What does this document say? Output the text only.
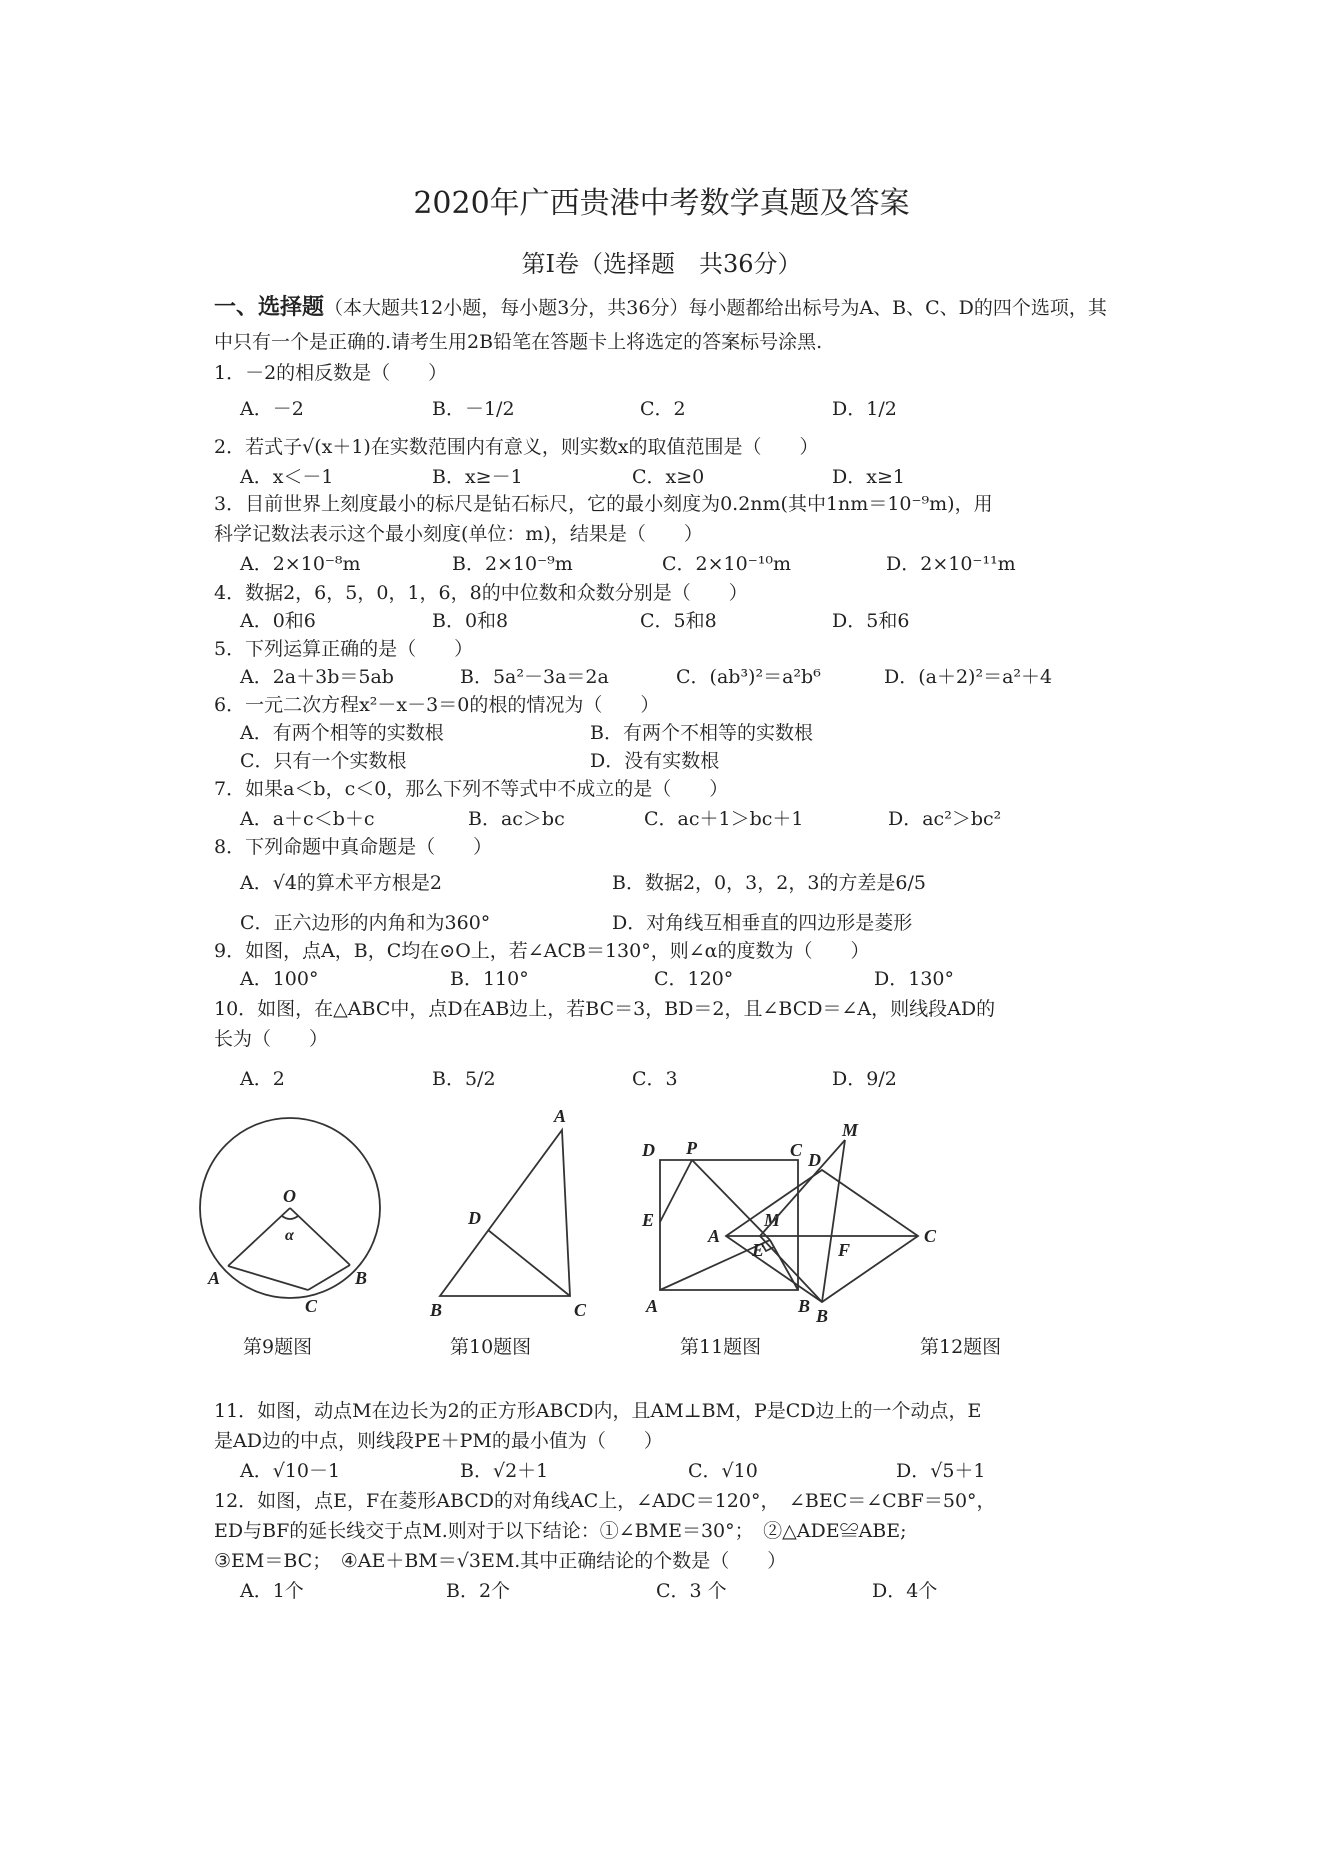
2020年广西贵港中考数学真题及答案
第Ⅰ卷（选择题　共36分）
一、选择题（本大题共12小题，每小题3分，共36分）每小题都给出标号为A、B、C、D的四个选项，其中只有一个是正确的.请考生用2B铅笔在答题卡上将选定的答案标号涂黑.
1．－2的相反数是（　　）
A．－2	B．－1/2	C．2	D．1/2
2．若式子√(x＋1)在实数范围内有意义，则实数x的取值范围是（　　）
A．x＜－1	B．x≥－1	C．x≥0	D．x≥1
3．目前世界上刻度最小的标尺是钻石标尺，它的最小刻度为0.2nm(其中1nm＝10⁻⁹m)，用
科学记数法表示这个最小刻度(单位：m)，结果是（　　）
A．2×10⁻⁸m	B．2×10⁻⁹m	C．2×10⁻¹⁰m	D．2×10⁻¹¹m
4．数据2，6，5，0，1，6，8的中位数和众数分别是（　　）
A．0和6	B．0和8	C．5和8	D．5和6
5．下列运算正确的是（　　）
A．2a＋3b＝5ab	B．5a²－3a＝2a	C．(ab³)²＝a²b⁶	D．(a＋2)²＝a²＋4
6．一元二次方程x²－x－3＝0的根的情况为（　　）
A．有两个相等的实数根	B．有两个不相等的实数根
C．只有一个实数根	D．没有实数根
7．如果a＜b，c＜0，那么下列不等式中不成立的是（　　）
A．a＋c＜b＋c	B．ac＞bc	C．ac＋1＞bc＋1	D．ac²＞bc²
8．下列命题中真命题是（　　）
A．√4的算术平方根是2	B．数据2，0，3，2，3的方差是6/5
C．正六边形的内角和为360°	D．对角线互相垂直的四边形是菱形
9．如图，点A，B，C均在⊙O上，若∠ACB＝130°，则∠α的度数为（　　）
A．100°	B．110°	C．120°	D．130°
10．如图，在△ABC中，点D在AB边上，若BC＝3，BD＝2，且∠BCD＝∠A，则线段AD的
长为（　　）
A．2	B．5/2	C．3	D．9/2
O
α
A	B
C
A
D
B	C
D P	C
E	M
A	B
M
D
A	C
E	F
B
第9题图	第10题图	第11题图	第12题图
11．如图，动点M在边长为2的正方形ABCD内，且AM⊥BM，P是CD边上的一个动点，E
是AD边的中点，则线段PE＋PM的最小值为（　　）
A．√10－1	B．√2＋1	C．√10	D．√5＋1
12．如图，点E，F在菱形ABCD的对角线AC上，∠ADC＝120°，　∠BEC＝∠CBF＝50°，
ED与BF的延长线交于点M.则对于以下结论：①∠BME＝30°；　②△ADE≌ABE;
③EM＝BC；　④AE＋BM＝√3EM.其中正确结论的个数是（　　）
A．1个	B．2个	C．3 个	D．4个
